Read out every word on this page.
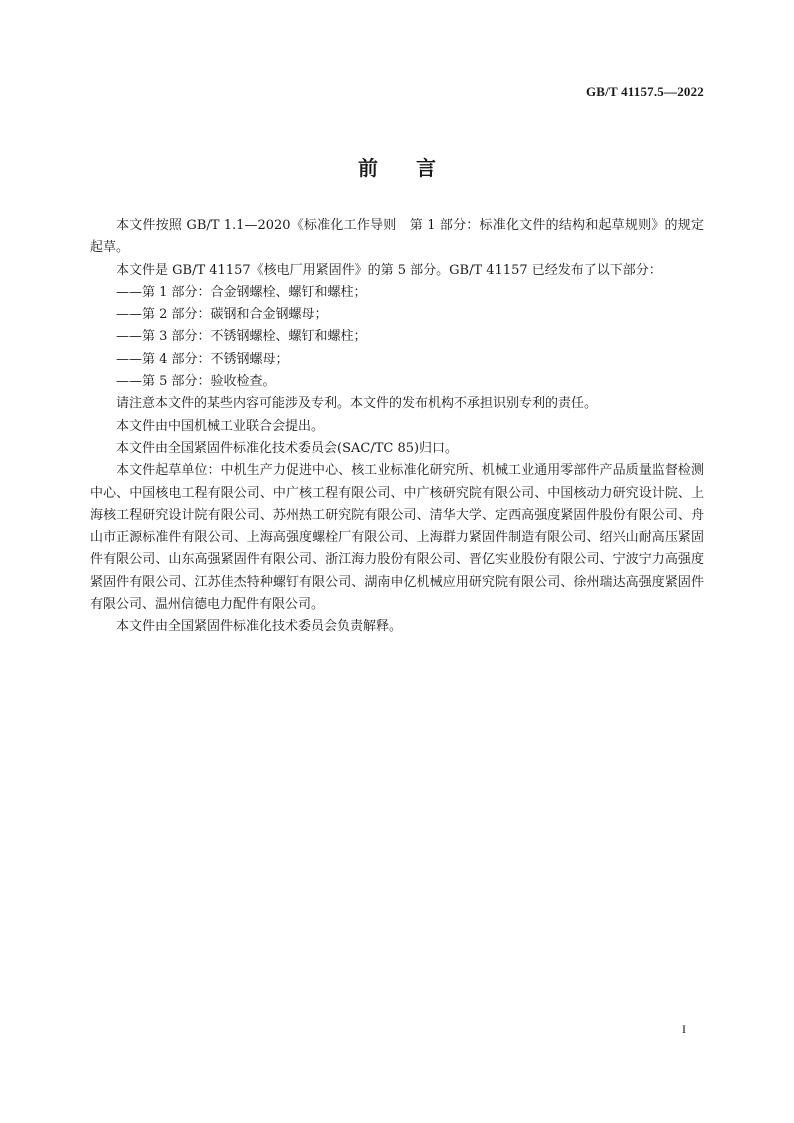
GB/T 41157.5—2022
前 言

本文件按照 GB/T 1.1—2020《标准化工作导则　第 1 部分：标准化文件的结构和起草规则》的规定起草。

本文件是 GB/T 41157《核电厂用紧固件》的第 5 部分。GB/T 41157 已经发布了以下部分：

——第 1 部分：合金钢螺栓、螺钉和螺柱；

——第 2 部分：碳钢和合金钢螺母；

——第 3 部分：不锈钢螺栓、螺钉和螺柱；

——第 4 部分：不锈钢螺母；

——第 5 部分：验收检查。

请注意本文件的某些内容可能涉及专利。本文件的发布机构不承担识别专利的责任。

本文件由中国机械工业联合会提出。

本文件由全国紧固件标准化技术委员会(SAC/TC 85)归口。

本文件起草单位：中机生产力促进中心、核工业标准化研究所、机械工业通用零部件产品质量监督检测中心、中国核电工程有限公司、中广核工程有限公司、中广核研究院有限公司、中国核动力研究设计院、上海核工程研究设计院有限公司、苏州热工研究院有限公司、清华大学、定西高强度紧固件股份有限公司、舟山市正源标准件有限公司、上海高强度螺栓厂有限公司、上海群力紧固件制造有限公司、绍兴山耐高压紧固件有限公司、山东高强紧固件有限公司、浙江海力股份有限公司、晋亿实业股份有限公司、宁波宁力高强度紧固件有限公司、江苏佳杰特种螺钉有限公司、湖南申亿机械应用研究院有限公司、徐州瑞达高强度紧固件有限公司、温州信德电力配件有限公司。

本文件由全国紧固件标准化技术委员会负责解释。

I
